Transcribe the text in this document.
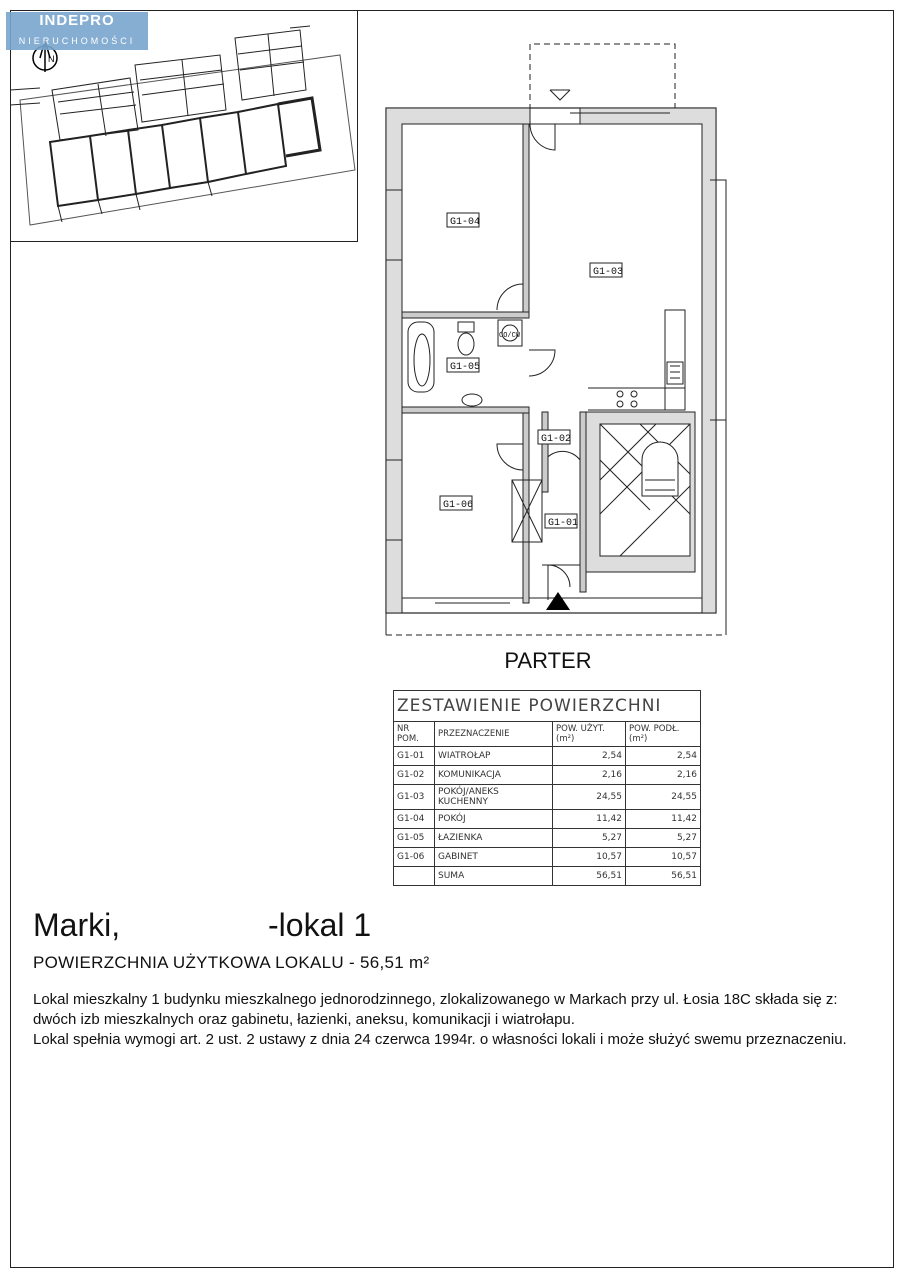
N
INDEPRO
NIERUCHOMOŚCI
G1-04
G1-03
G1-05
G1-02
G1-06
G1-01
CO/CW
PARTER
ZESTAWIENIE POWIERZCHNI			
NR POM.	PRZEZNACZENIE	POW. UŻYT. (m²)	POW. PODŁ. (m²)
G1-01	WIATROŁAP	2,54	2,54
G1-02	KOMUNIKACJA	2,16	2,16
G1-03	POKÓJ/ANEKS KUCHENNY	24,55	24,55
G1-04	POKÓJ	11,42	11,42
G1-05	ŁAZIENKA	5,27	5,27
G1-06	GABINET	10,57	10,57
	SUMA	56,51	56,51
Marki,	-lokal 1
POWIERZCHNIA UŻYTKOWA LOKALU - 56,51 m²
Lokal mieszkalny 1 budynku mieszkalnego jednorodzinnego, zlokalizowanego w Markach przy ul. Łosia 18C składa się z:
dwóch izb mieszkalnych oraz gabinetu, łazienki, aneksu, komunikacji i wiatrołapu.
Lokal spełnia wymogi art. 2 ust. 2 ustawy z dnia 24 czerwca 1994r. o własności lokali i może służyć swemu przeznaczeniu.
